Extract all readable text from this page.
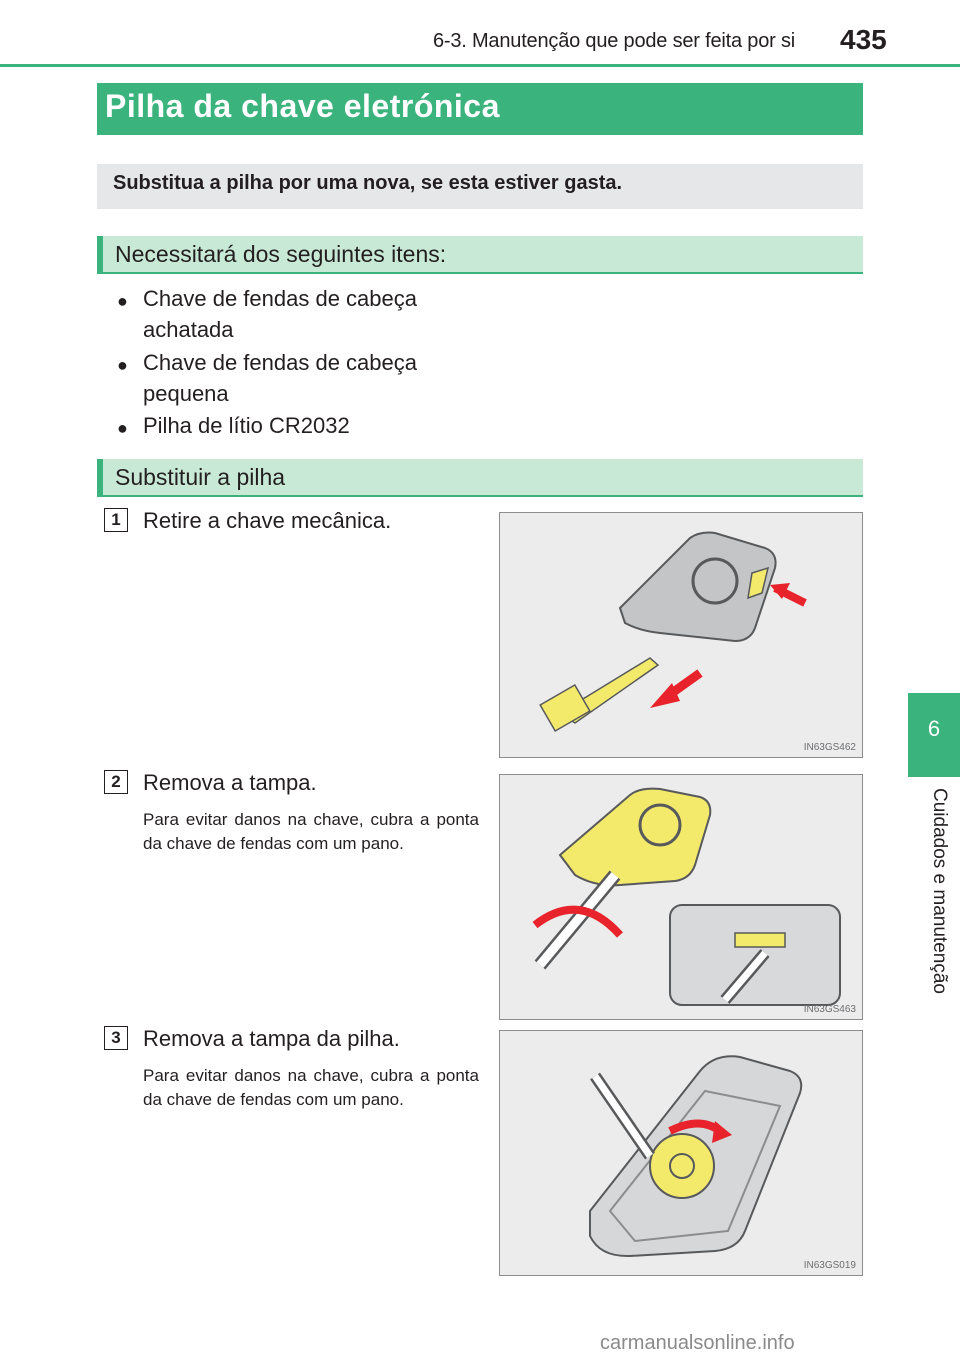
6-3. Manutenção que pode ser feita por si 435
6
Cuidados e manutenção
Pilha da chave eletrónica
Substitua a pilha por uma nova, se esta estiver gasta.
Necessitará dos seguintes itens:
● Chave de fendas de cabeça
achatada
● Chave de fendas de cabeça
pequena
● Pilha de lítio CR2032
Substituir a pilha
1	Retire a chave mecânica.
IN63GS462
2	Remova a tampa.
Para evitar danos na chave, cubra a ponta da chave de fendas com um pano.
IN63GS463
3	Remova a tampa da pilha.
Para evitar danos na chave, cubra a ponta da chave de fendas com um pano.
IN63GS019
carmanualsonline.info
